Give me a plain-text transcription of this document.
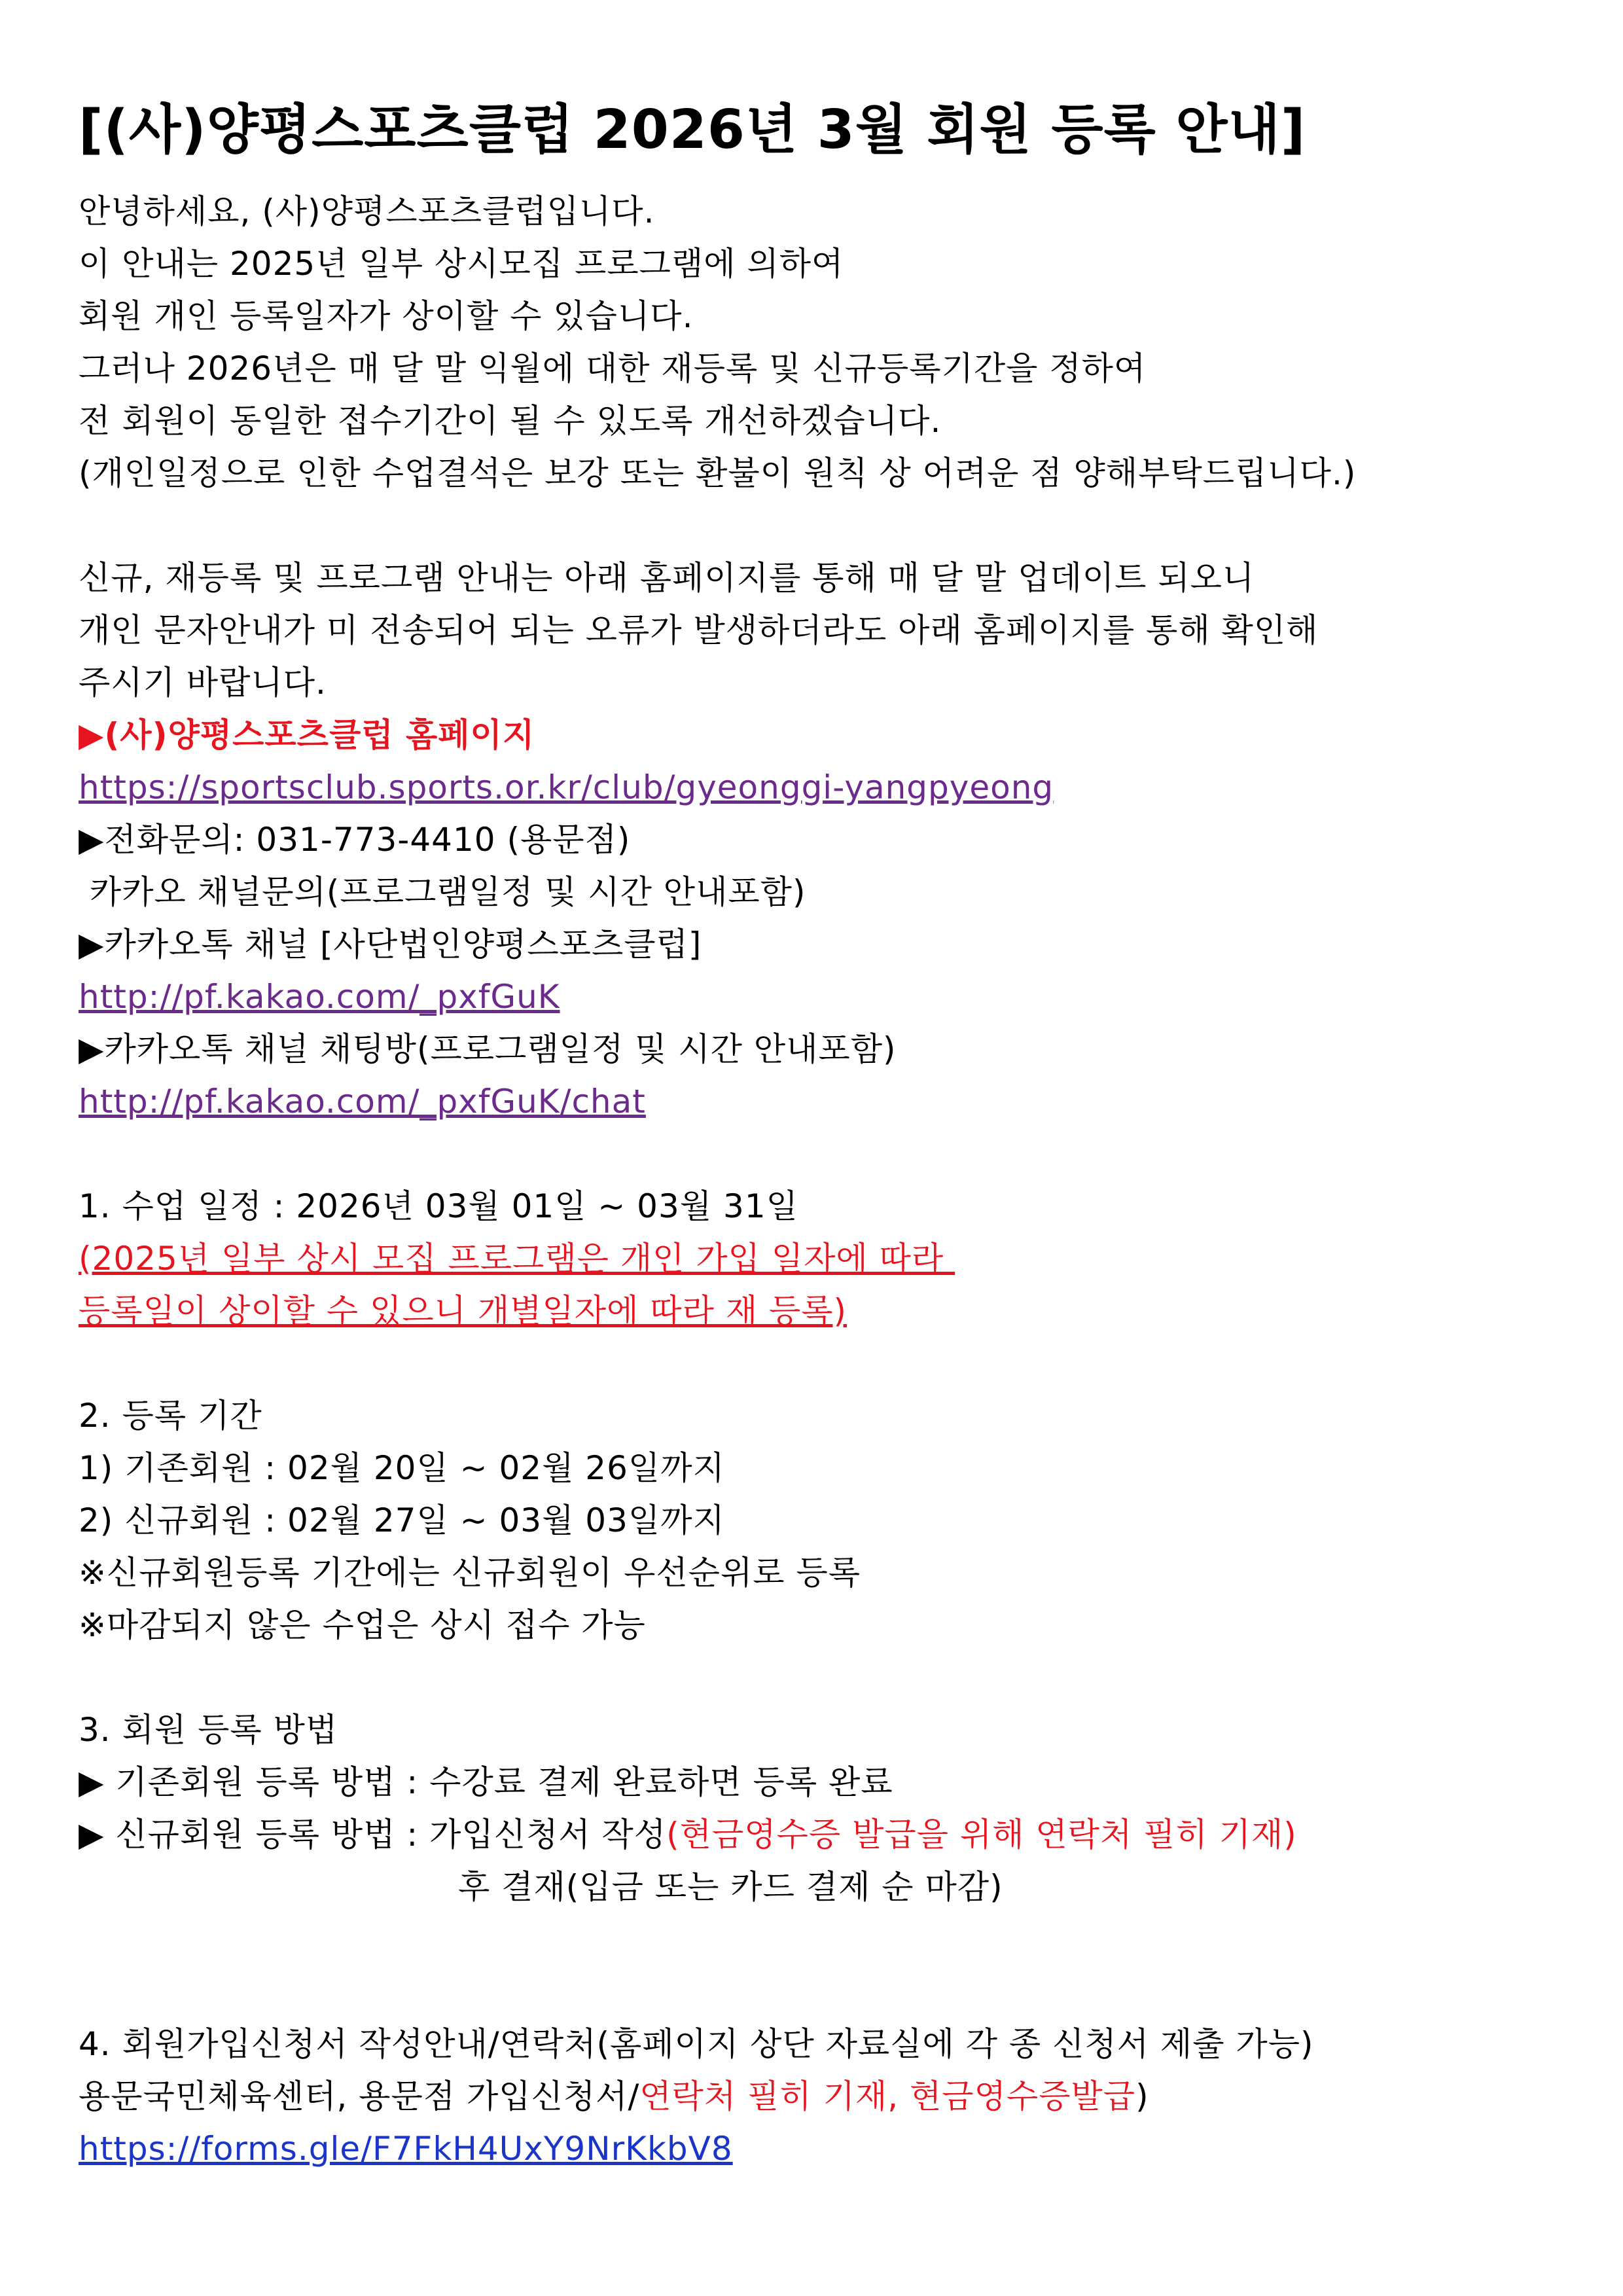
[(사)양평스포츠클럽 2026년 3월 회원 등록 안내]
안녕하세요, (사)양평스포츠클럽입니다.
이 안내는 2025년 일부 상시모집 프로그램에 의하여
회원 개인 등록일자가 상이할 수 있습니다.
그러나 2026년은 매 달 말 익월에 대한 재등록 및 신규등록기간을 정하여
전 회원이 동일한 접수기간이 될 수 있도록 개선하겠습니다.
(개인일정으로 인한 수업결석은 보강 또는 환불이 원칙 상 어려운 점 양해부탁드립니다.)
신규, 재등록 및 프로그램 안내는 아래 홈페이지를 통해 매 달 말 업데이트 되오니
개인 문자안내가 미 전송되어 되는 오류가 발생하더라도 아래 홈페이지를 통해 확인해
주시기 바랍니다.
▶(사)양평스포츠클럽 홈페이지
https://sportsclub.sports.or.kr/club/gyeonggi-yangpyeong
▶전화문의: 031-773-4410 (용문점)
카카오 채널문의(프로그램일정 및 시간 안내포함)
▶카카오톡 채널 [사단법인양평스포츠클럽]
http://pf.kakao.com/_pxfGuK
▶카카오톡 채널 채팅방(프로그램일정 및 시간 안내포함)
http://pf.kakao.com/_pxfGuK/chat
1. 수업 일정 : 2026년 03월 01일 ~ 03월 31일
(2025년 일부 상시 모집 프로그램은 개인 가입 일자에 따라
등록일이 상이할 수 있으니 개별일자에 따라 재 등록)
2. 등록 기간
1) 기존회원 : 02월 20일 ~ 02월 26일까지
2) 신규회원 : 02월 27일 ~ 03월 03일까지
※신규회원등록 기간에는 신규회원이 우선순위로 등록
※마감되지 않은 수업은 상시 접수 가능
3. 회원 등록 방법
▶ 기존회원 등록 방법 : 수강료 결제 완료하면 등록 완료
▶ 신규회원 등록 방법 : 가입신청서 작성(현금영수증 발급을 위해 연락처 필히 기재)
후 결재(입금 또는 카드 결제 순 마감)
4. 회원가입신청서 작성안내/연락처(홈페이지 상단 자료실에 각 종 신청서 제출 가능)
용문국민체육센터, 용문점 가입신청서/연락처 필히 기재, 현금영수증발급)
https://forms.gle/F7FkH4UxY9NrKkbV8
